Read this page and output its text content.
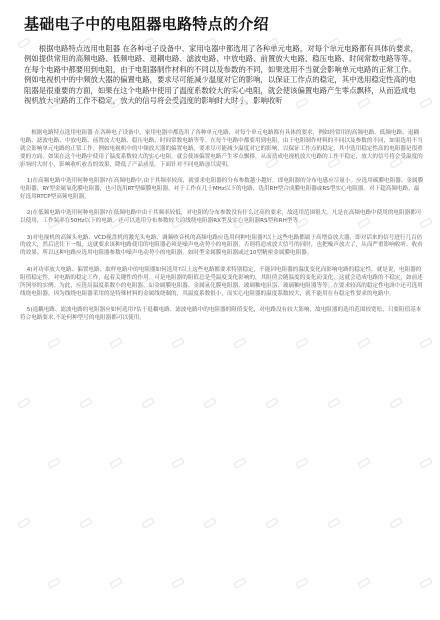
基础电子中的电阻器电路特点的介绍
根据电路特点选用电阻器 在各种电子设备中、家用电器中都选用了各种单元电路，对每个单元电路都有具体的要求，例如提供常用的高频电路、低频电路、退耦电路、滤波电路、中放电路、前置放大电路、稳压电路、时间常数电路等等。在每个电路中都要用到电阻，由于电阻器制作材料的不同以及参数的不同，如果选用不当就会影响单元电路的正常工作。例如电视机中的中频放大器的偏置电路，要求尽可能减少温度对它的影响，以保证工作点的稳定，其中选用稳定性高的电阻器是很重要的方面，如果在这个电路中使用了温度系数较大的实心电阻，就会使该偏置电路产生零点飘移，从而造成电视机放大电路的工作不稳定，放大的信号将会受温度的影响时大时小，影响收听

根据电路特点选用电阻器 在各种电子设备中、家用电器中都选用了各种单元电路，对每个单元电路都有具体的要求，例如经常用的高频电路、低频电路、退耦电路、滤波电路、中放电路、前置放大电路、稳压电路、时间常数电路等等。在每个电路中都要用到电阻，由于电阻制作材料的不同以及参数的不同，如果选用不当就会影响单元电路的正常工作。例如电视机中的中频放大器的偏置电路，要求尽可能减少温度对它的影响，以保证工作点的稳定，其中选用稳定性高的电阻器是很重要的方面，如果在这个电路中使用了温度系数较大的实心电阻，就会使该偏置电路产生零点飘移，从而造成电视机放大电路的工作不稳定，放大的信号将会受温度的影响时大时小，影响收听收看的效果，降低了产品质量。下面针对不同电路加以说明。

1)在高频电路中选用何种电阻器?在高频电路中,由于其频率较高，就要求电阻器的分布参数越小越好，即电阻器的分布电感应尽量小。应选用碳膜电阻器、金属膜电阻器、RY型金属氧化膜电阻器，也可选用RT型碳膜电阻器。对于工作在几十MHz以下的电路，选用RH型合成膜电阻器或RS型实心电阻器。对于超高频电路，最好选用RTCP型高频电阻器。

2)在低频电路中选用何种电阻器?在低频电路中由于其频率较低，对电阻的分布参数没有什么过高的要求，故选用范围很大。凡是在高频电路中使用的电阻器都可以使用，工作频率在50Hz以下的电路，还可以选用分布参数较大的线绕电阻器RX型及实心电阻器RS型和RH型等。

3)对电视机的高频头电路、VCD视盘机的激光头电路、调频收音机的高频电路应选用何种电阻器?以上这些电路都属于高增益放大器，即对话来的信号进行几百倍的放大，然后送往下一级，这就要求该种电路使用的电阻器必须是噪声电动势小的电阻器，否则将造成放大信号的同时，也把噪声放大了，从而严重影响收听、收看的效果。所以这种电路应选用电阻器参数中噪声电动势小的电阻器。如时型金属膜电阻器或过10型精密金属膜电阻器。

4)对功率放大电路、偏置电路、取样电路中的电阻器如何选用?以上这些电路都要求特别稳定，不能因电阻器的温度变化而影响电路的稳定性，就是说，电阻器的阻值稳定性，对电路的稳定工作，起着关键性的作用，可是电阻器的阻值总是受温度变化影响的，其阻值会随温度的变化而变化，这就会造成电路的不稳定，如前述所例举的实例。为此，应选用温度系数小的电阻器。如金属膜电阻器、金属氧化膜电阻器、玻璃釉电阻器、玻璃釉电阻器等等。在要求较高的稳定性电路中还可选用线绕电阻器，因为线绕电阻器采用的是特殊材料的金属线绕制的，其温度系数很小，而实心电阻器的温度系数较大，就不能用在有稳定性要求的电路中。

5)退耦电路、滤波电路的电阻器应如何选用?估于退耦电路、滤波电路中的电阻器的阻值变化，对电路没有较大影响，故电阻器的选用范围较宽松，只要阻值基本符合电路要求,不论何种型号的电阻器都可以使用。
